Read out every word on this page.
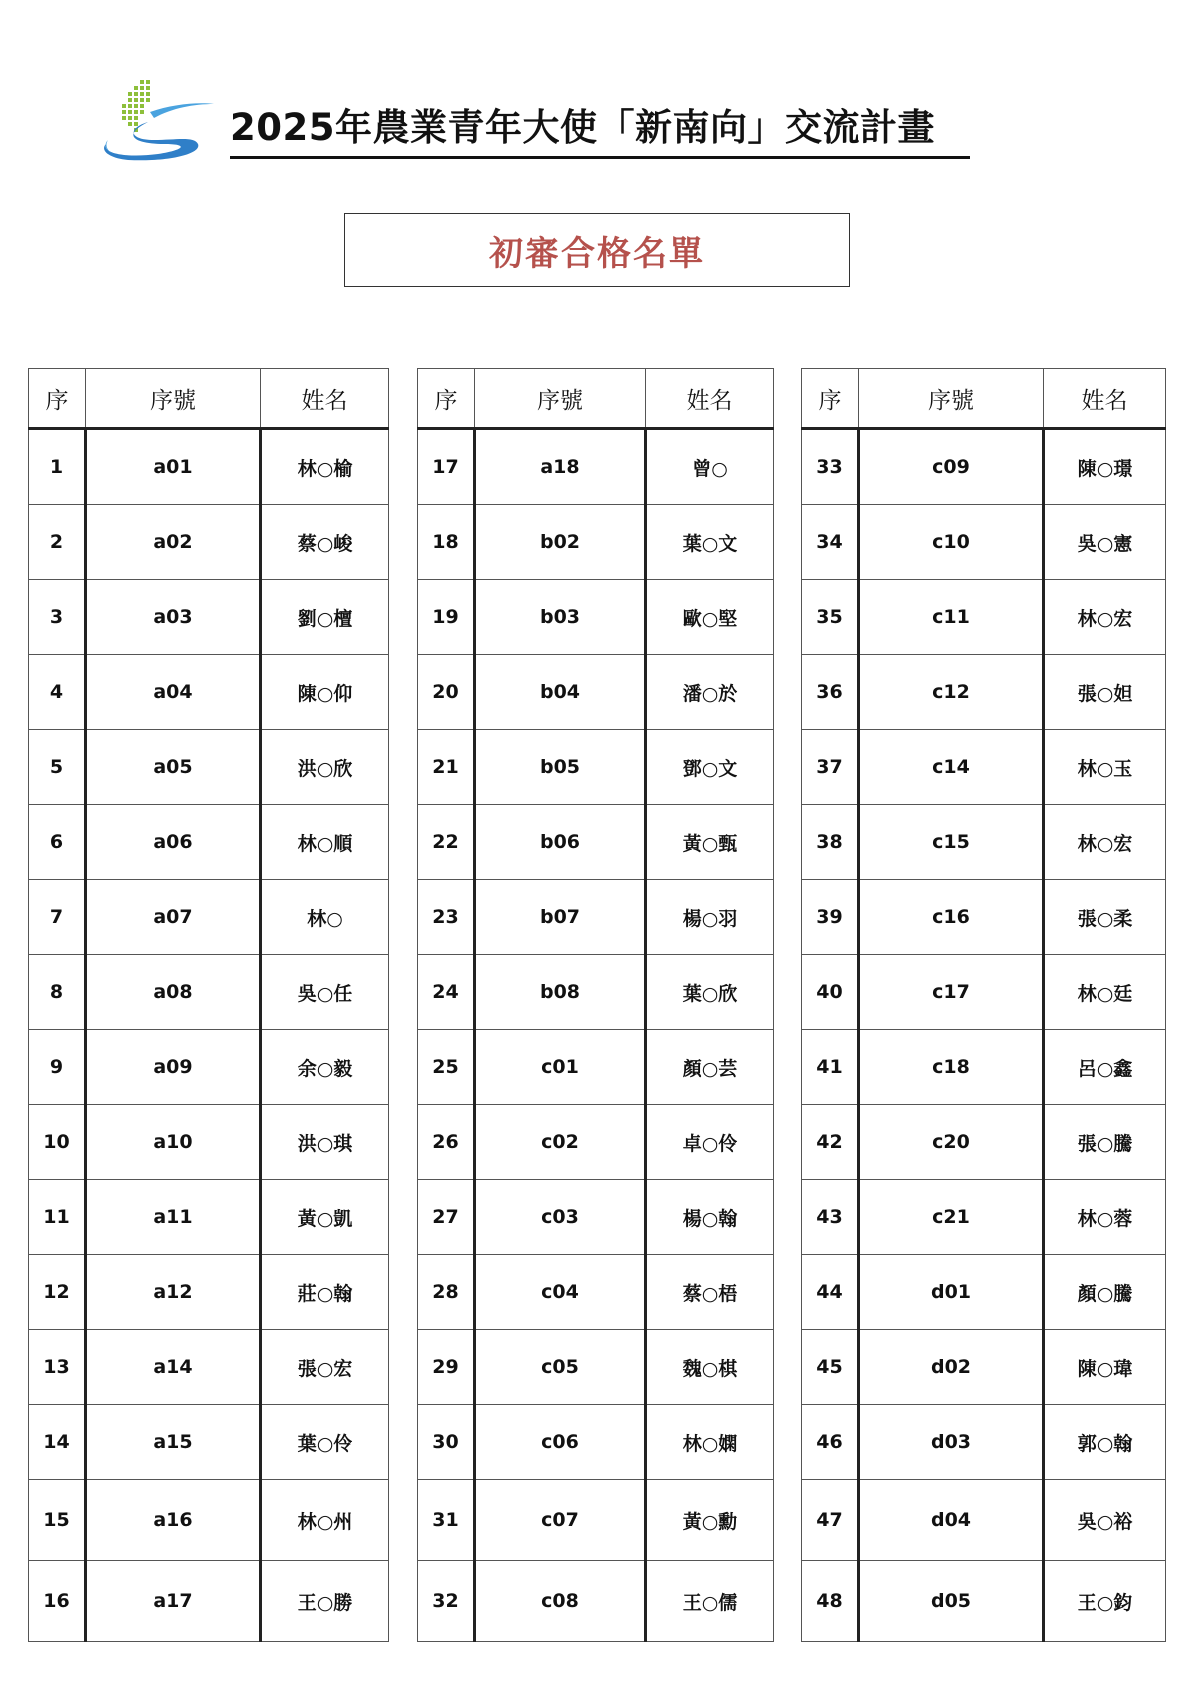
2025年農業青年大使「新南向」交流計畫
初審合格名單
序	序號	姓名
1	a01	林○榆
2	a02	蔡○峻
3	a03	劉○檀
4	a04	陳○仰
5	a05	洪○欣
6	a06	林○順
7	a07	林○
8	a08	吳○任
9	a09	余○毅
10	a10	洪○琪
11	a11	黃○凱
12	a12	莊○翰
13	a14	張○宏
14	a15	葉○伶
15	a16	林○州
16	a17	王○勝
序	序號	姓名
17	a18	曾○
18	b02	葉○文
19	b03	歐○堅
20	b04	潘○於
21	b05	鄧○文
22	b06	黃○甄
23	b07	楊○羽
24	b08	葉○欣
25	c01	顏○芸
26	c02	卓○伶
27	c03	楊○翰
28	c04	蔡○梧
29	c05	魏○棋
30	c06	林○嫻
31	c07	黃○勳
32	c08	王○儒
序	序號	姓名
33	c09	陳○璟
34	c10	吳○憲
35	c11	林○宏
36	c12	張○妲
37	c14	林○玉
38	c15	林○宏
39	c16	張○柔
40	c17	林○廷
41	c18	呂○鑫
42	c20	張○騰
43	c21	林○蓉
44	d01	顏○騰
45	d02	陳○瑋
46	d03	郭○翰
47	d04	吳○裕
48	d05	王○鈞
